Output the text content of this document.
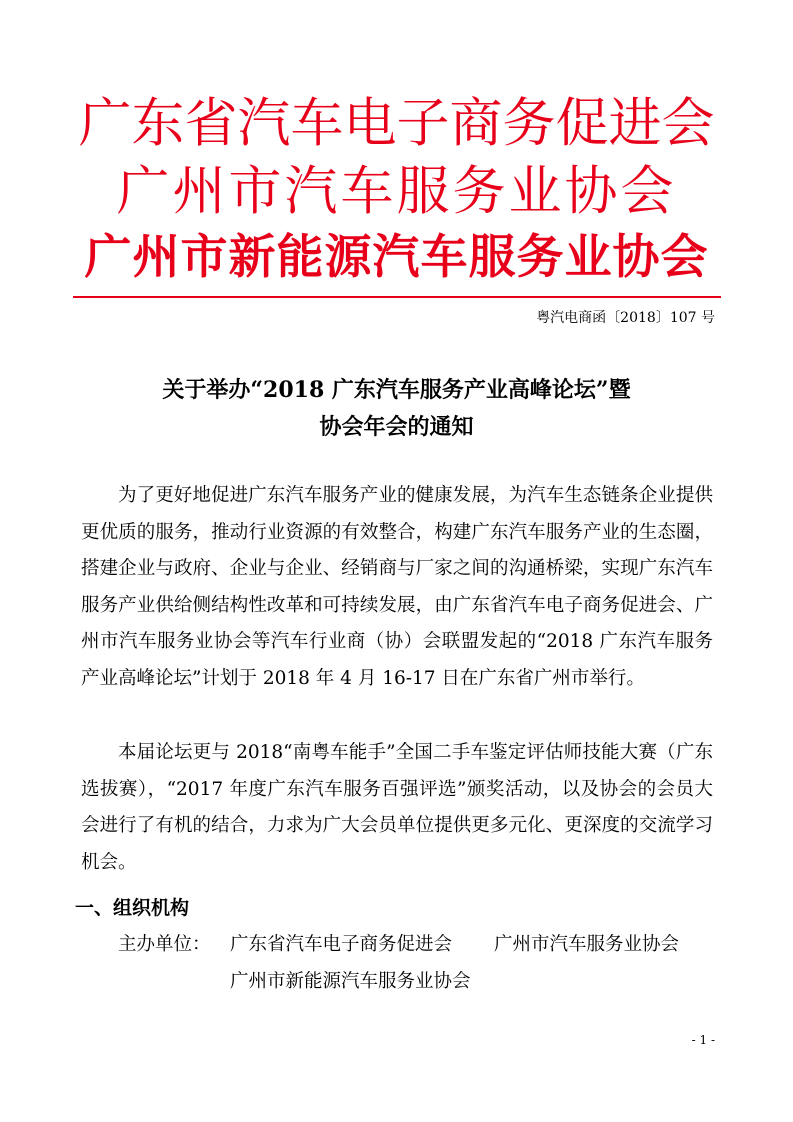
广东省汽车电子商务促进会
广州市汽车服务业协会
广州市新能源汽车服务业协会
粤汽电商函〔2018〕107 号
关于举办“2018 广东汽车服务产业高峰论坛”暨
协会年会的通知

为了更好地促进广东汽车服务产业的健康发展，为汽车生态链条企业提供更优质的服务，推动行业资源的有效整合，构建广东汽车服务产业的生态圈，搭建企业与政府、企业与企业、经销商与厂家之间的沟通桥梁，实现广东汽车服务产业供给侧结构性改革和可持续发展，由广东省汽车电子商务促进会、广州市汽车服务业协会等汽车行业商（协）会联盟发起的“2018 广东汽车服务产业高峰论坛”计划于 2018 年 4 月 16-17 日在广东省广州市举行。

本届论坛更与 2018“南粤车能手”全国二手车鉴定评估师技能大赛（广东选拔赛），“2017 年度广东汽车服务百强评选”颁奖活动，以及协会的会员大会进行了有机的结合，力求为广大会员单位提供更多元化、更深度的交流学习机会。

一、组织机构
主办单位： 广东省汽车电子商务促进会 广州市汽车服务业协会
广州市新能源汽车服务业协会
- 1 -
